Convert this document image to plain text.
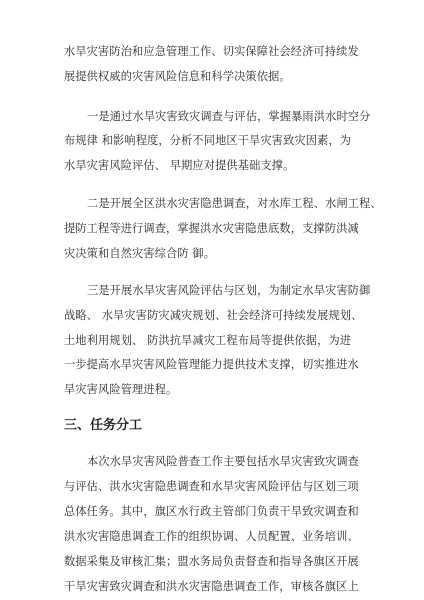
水旱灾害防治和应急管理工作、切实保障社会经济可持续发
展提供权威的灾害风险信息和科学决策依据。
一是通过水旱灾害致灾调查与评估，掌握暴雨洪水时空分
布规律 和影响程度，分析不同地区干旱灾害致灾因素，为
水旱灾害风险评估、 早期应对提供基础支撑。
二是开展全区洪水灾害隐患调查，对水库工程、水闸工程、
提防工程等进行调查，掌握洪水灾害隐患底数，支撑防洪减
灾决策和自然灾害综合防 御。
三是开展水旱灾害风险评估与区划，为制定水旱灾害防御
战略、 水旱灾害防灾减灾规划、社会经济可持续发展规划、
土地利用规划、 防洪抗旱减灾工程布局等提供依据，为进
一步提高水旱灾害风险管理能力提供技术支撑，切实推进水
旱灾害风险管理进程。
三、任务分工
本次水旱灾害风险普查工作主要包括水旱灾害致灾调查
与评估、洪水灾害隐患调查和水旱灾害风险评估与区划三项
总体任务。其中，旗区水行政主管部门负责干旱致灾调查和
洪水灾害隐患调查工作的组织协调、人员配置、业务培训、
数据采集及审核汇集；盟水务局负责督查和指导各旗区开展
干旱灾害致灾调查和洪水灾害隐患调查工作，审核各旗区上
